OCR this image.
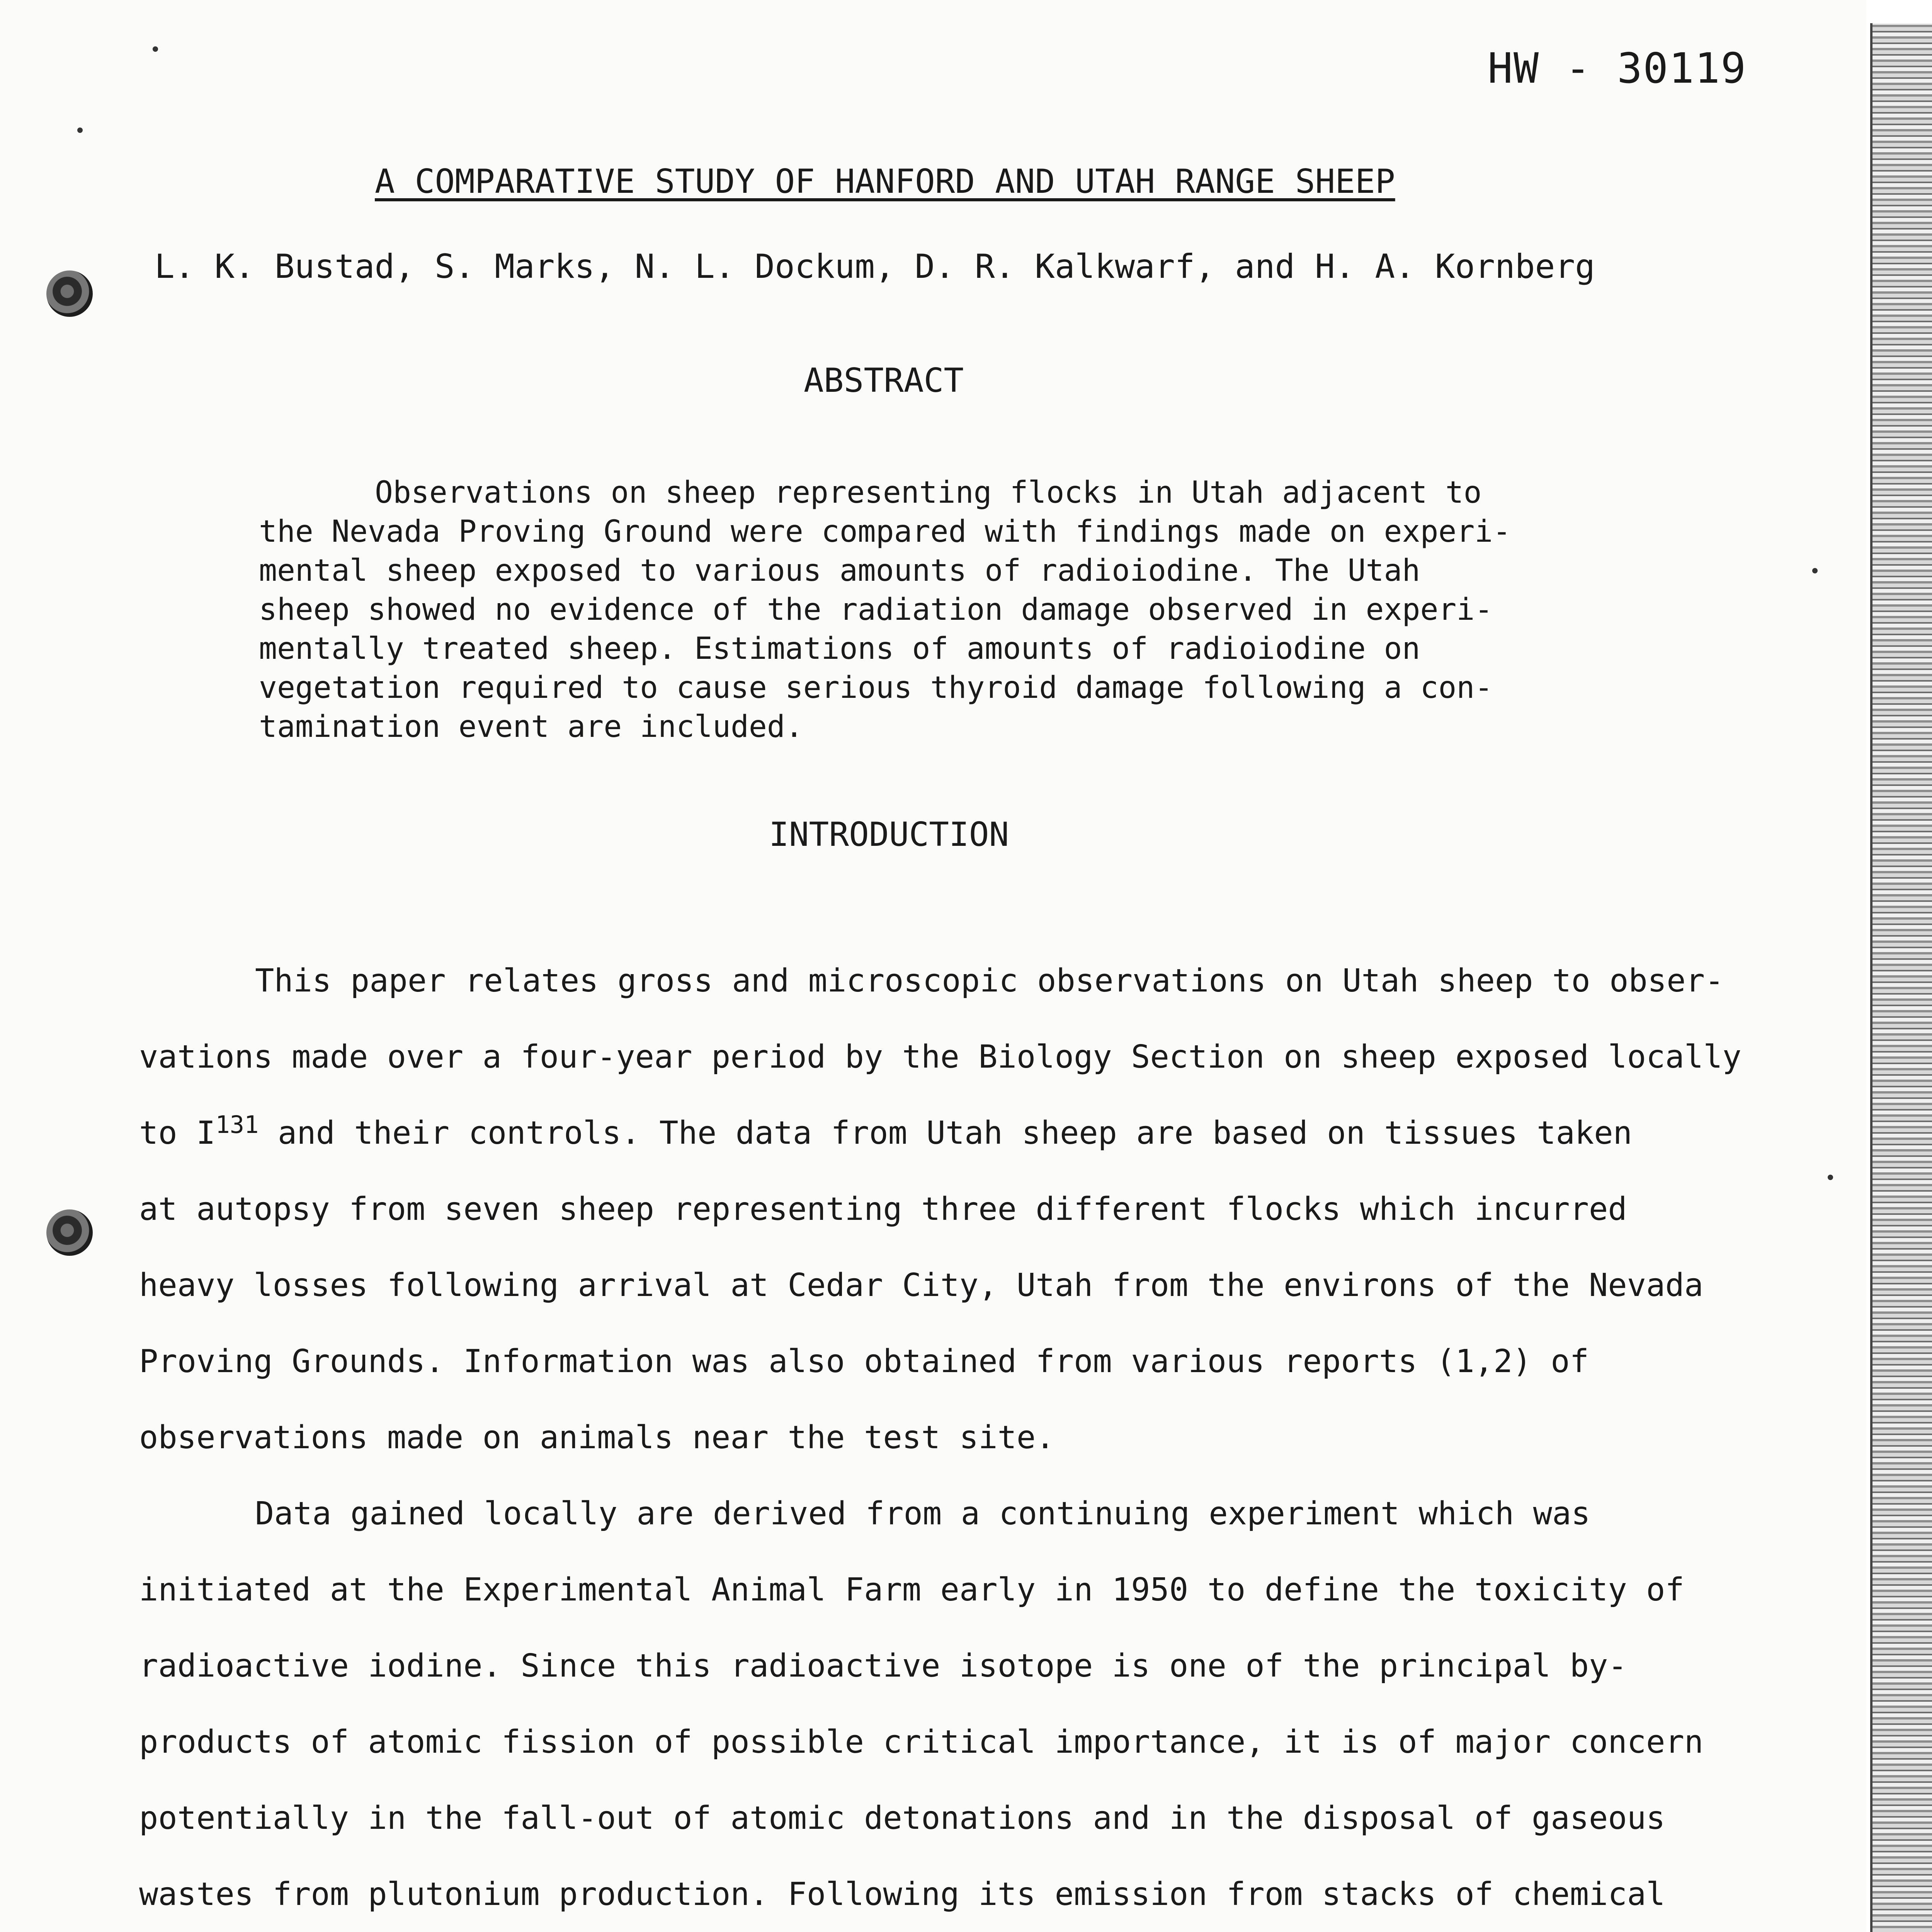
HW - 30119
A COMPARATIVE STUDY OF HANFORD AND UTAH RANGE SHEEP
L. K. Bustad, S. Marks, N. L. Dockum, D. R. Kalkwarf, and H. A. Kornberg
ABSTRACT
Observations on sheep representing flocks in Utah adjacent to
the Nevada Proving Ground were compared with findings made on experi-
mental sheep exposed to various amounts of radioiodine. The Utah
sheep showed no evidence of the radiation damage observed in experi-
mentally treated sheep. Estimations of amounts of radioiodine on
vegetation required to cause serious thyroid damage following a con-
tamination event are included.
INTRODUCTION
This paper relates gross and microscopic observations on Utah sheep to obser-
vations made over a four-year period by the Biology Section on sheep exposed locally
to $I^{131}$ and their controls. The data from Utah sheep are based on tissues taken
at autopsy from seven sheep representing three different flocks which incurred
heavy losses following arrival at Cedar City, Utah from the environs of the Nevada
Proving Grounds. Information was also obtained from various reports (1,2) of
observations made on animals near the test site.
Data gained locally are derived from a continuing experiment which was
initiated at the Experimental Animal Farm early in 1950 to define the toxicity of
radioactive iodine. Since this radioactive isotope is one of the principal by-
products of atomic fission of possible critical importance, it is of major concern
potentially in the fall-out of atomic detonations and in the disposal of gaseous
wastes from plutonium production. Following its emission from stacks of chemical
